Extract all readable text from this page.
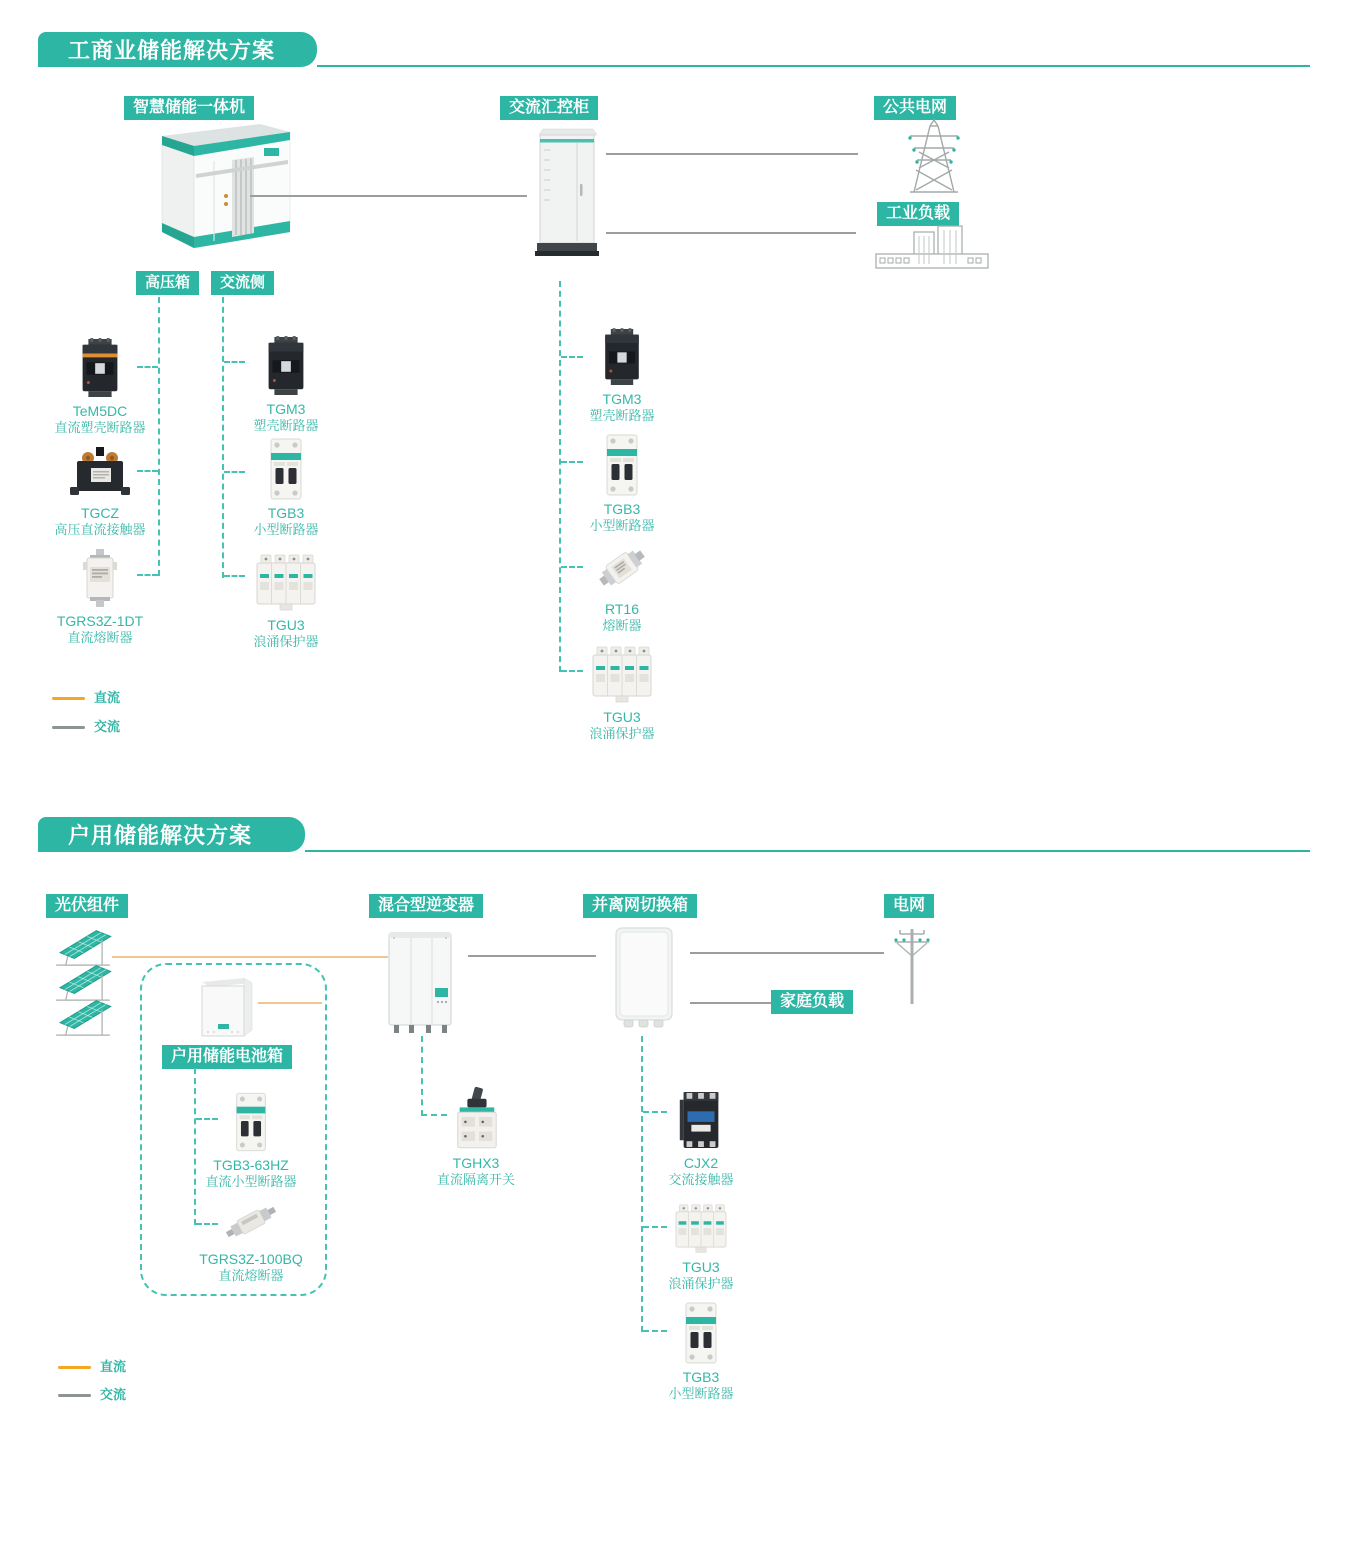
工商业储能解决方案
智慧储能一体机	交流汇控柜	公共电网
工业负载
高压箱	交流侧
TeM5DC
直流塑壳断路器
TGCZ
高压直流接触器
TGRS3Z-1DT
直流熔断器
TGM3
塑壳断路器
TGB3
小型断路器
TGU3
浪涌保护器
TGM3
塑壳断路器
TGB3
小型断路器
RT16
熔断器
TGU3
浪涌保护器
直流
交流
户用储能解决方案
光伏组件	混合型逆变器	并离网切换箱	电网
家庭负载
户用储能电池箱
TGB3-63HZ
直流小型断路器
TGRS3Z-100BQ
直流熔断器
TGHX3
直流隔离开关
CJX2
交流接触器
TGU3
浪涌保护器
TGB3
小型断路器
直流
交流
